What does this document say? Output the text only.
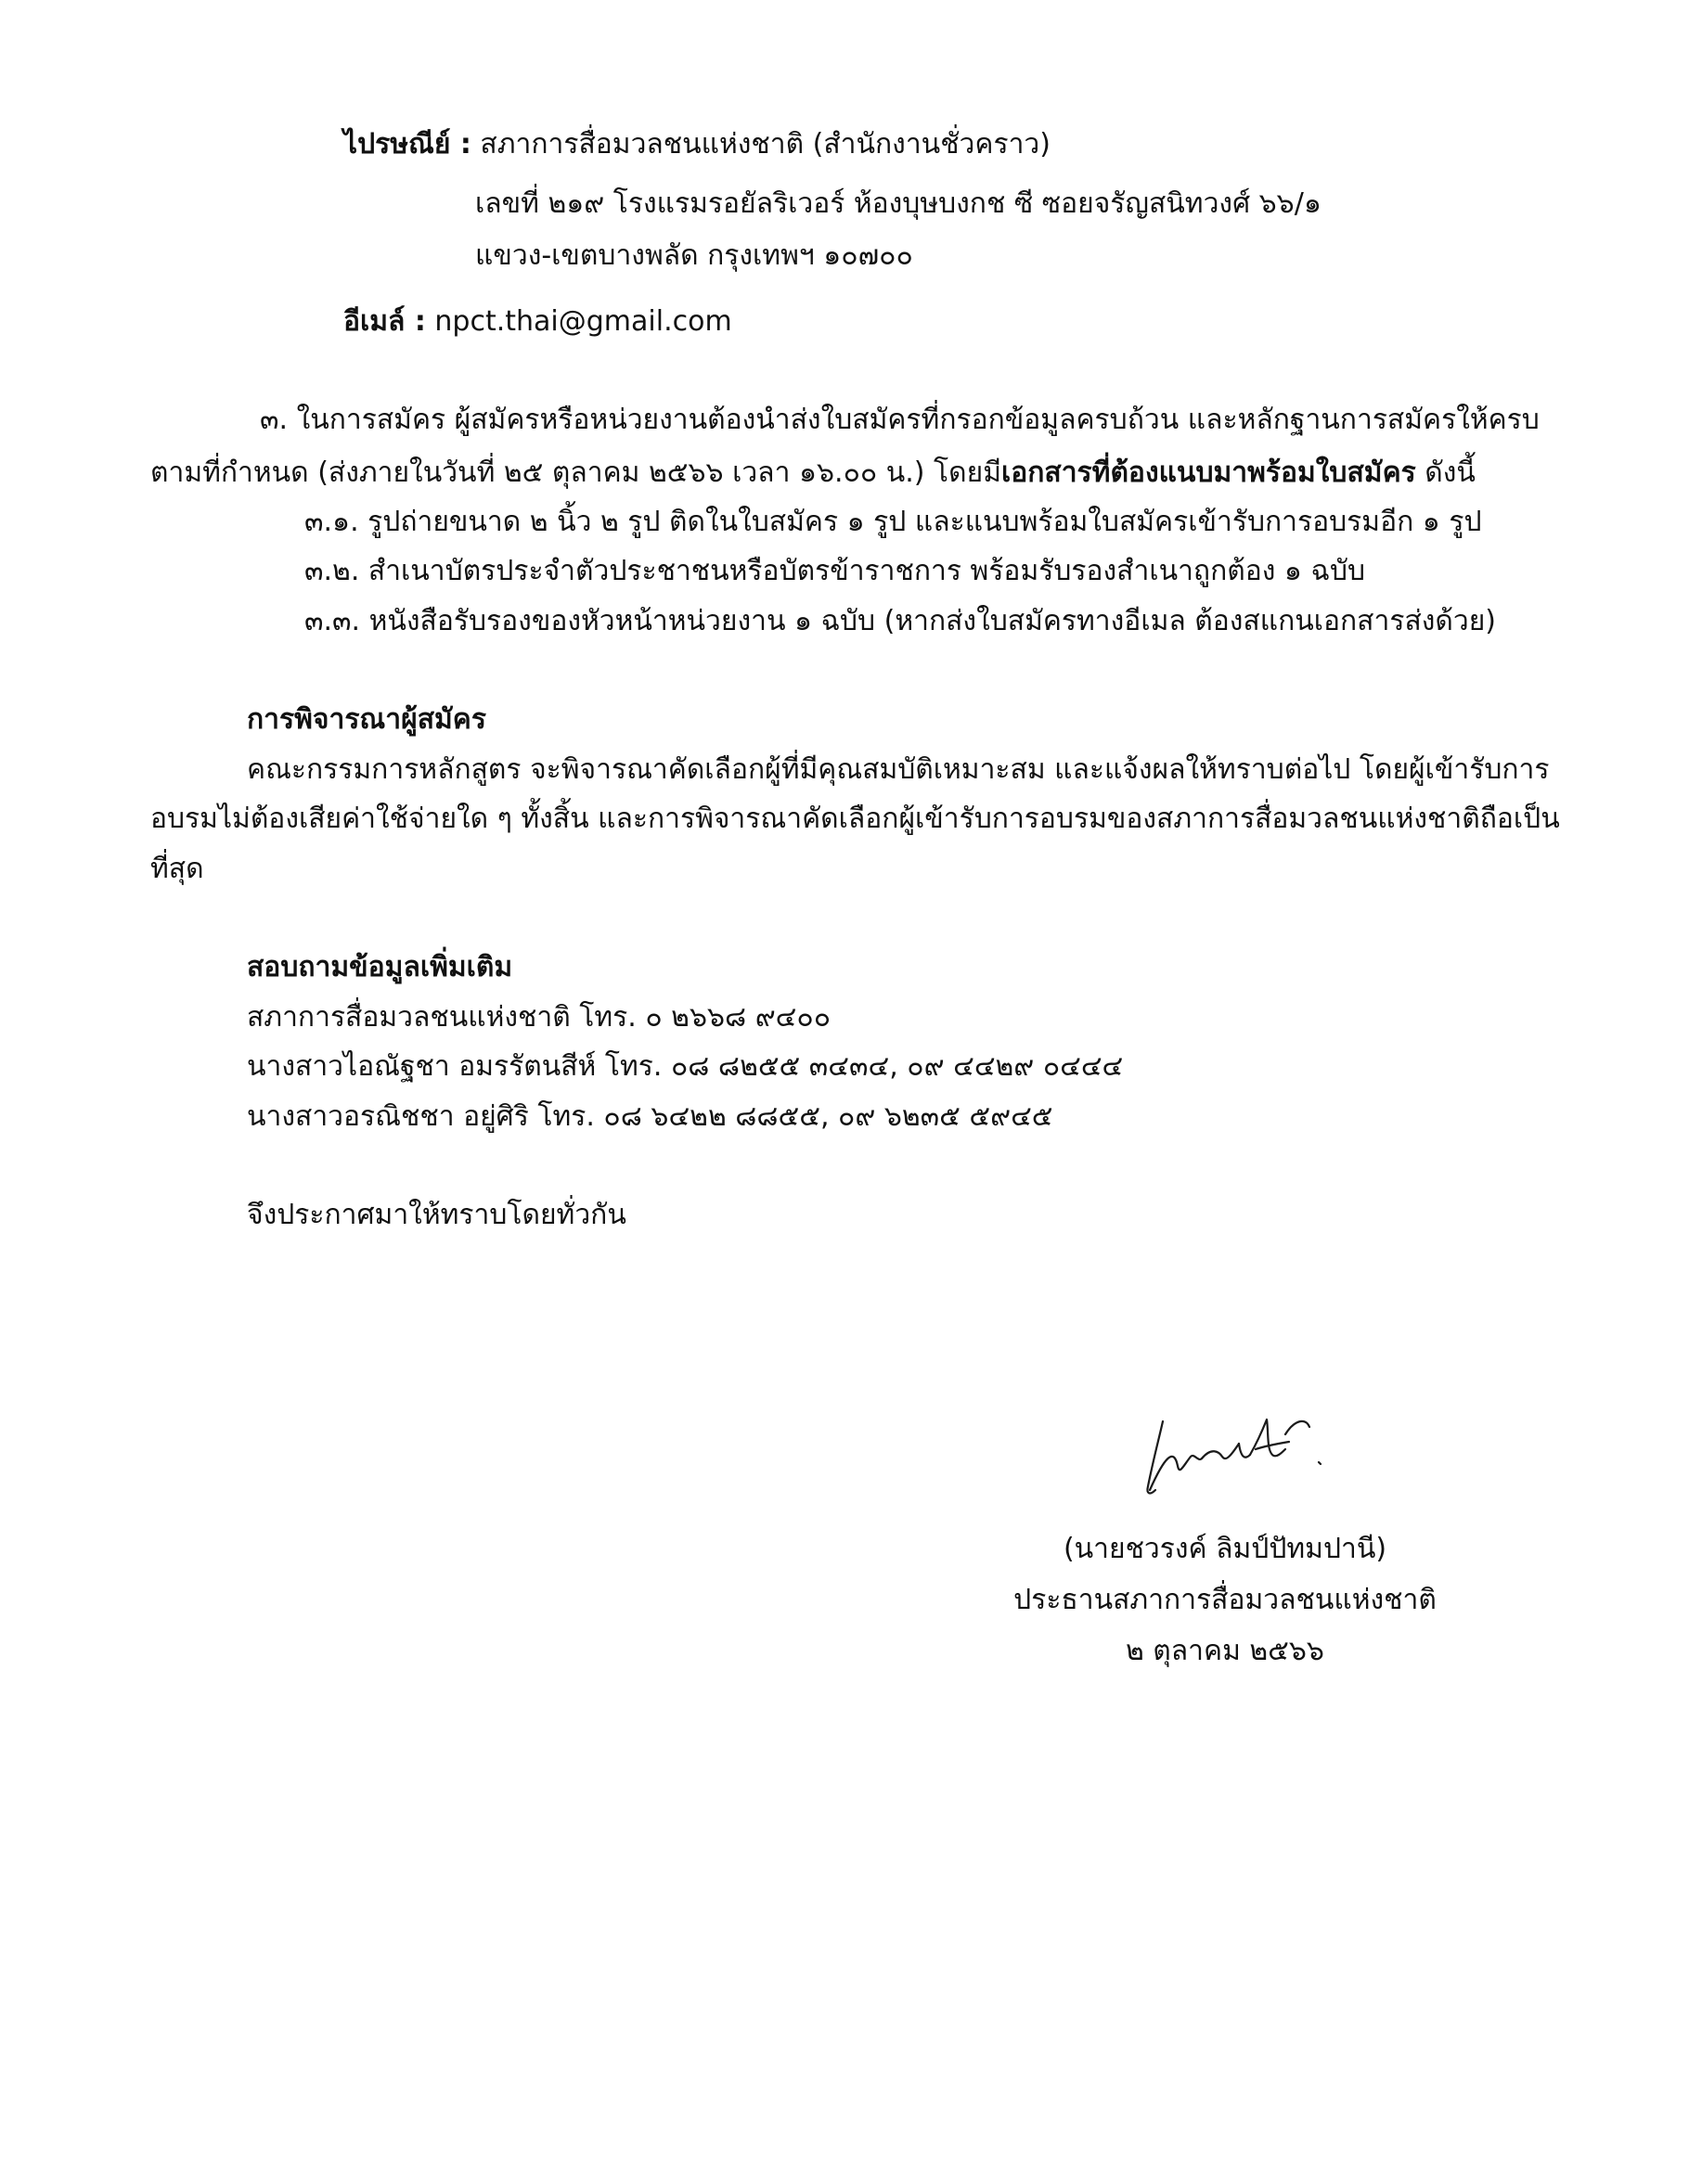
ไปรษณีย์ : สภาการสื่อมวลชนแห่งชาติ (สำนักงานชั่วคราว)
เลขที่ ๒๑๙ โรงแรมรอยัลริเวอร์ ห้องบุษบงกช ซี ซอยจรัญสนิทวงศ์ ๖๖/๑
แขวง-เขตบางพลัด กรุงเทพฯ ๑๐๗๐๐
อีเมล์ : npct.thai@gmail.com
๓. ในการสมัคร ผู้สมัครหรือหน่วยงานต้องนำส่งใบสมัครที่กรอกข้อมูลครบถ้วน และหลักฐานการสมัครให้ครบ
ตามที่กำหนด (ส่งภายในวันที่ ๒๕ ตุลาคม ๒๕๖๖ เวลา ๑๖.๐๐ น.) โดยมีเอกสารที่ต้องแนบมาพร้อมใบสมัคร ดังนี้
๓.๑. รูปถ่ายขนาด ๒ นิ้ว ๒ รูป ติดในใบสมัคร ๑ รูป และแนบพร้อมใบสมัครเข้ารับการอบรมอีก ๑ รูป
๓.๒. สำเนาบัตรประจำตัวประชาชนหรือบัตรข้าราชการ พร้อมรับรองสำเนาถูกต้อง ๑ ฉบับ
๓.๓. หนังสือรับรองของหัวหน้าหน่วยงาน ๑ ฉบับ (หากส่งใบสมัครทางอีเมล ต้องสแกนเอกสารส่งด้วย)
การพิจารณาผู้สมัคร
คณะกรรมการหลักสูตร จะพิจารณาคัดเลือกผู้ที่มีคุณสมบัติเหมาะสม และแจ้งผลให้ทราบต่อไป โดยผู้เข้ารับการ
อบรมไม่ต้องเสียค่าใช้จ่ายใด ๆ ทั้งสิ้น และการพิจารณาคัดเลือกผู้เข้ารับการอบรมของสภาการสื่อมวลชนแห่งชาติถือเป็น
ที่สุด
สอบถามข้อมูลเพิ่มเติม
สภาการสื่อมวลชนแห่งชาติ โทร. ๐ ๒๖๖๘ ๙๔๐๐
นางสาวไอณัฐชา อมรรัตนสีห์ โทร. ๐๘ ๘๒๕๕ ๓๔๓๔, ๐๙ ๔๔๒๙ ๐๔๔๔
นางสาวอรณิชชา อยู่ศิริ โทร. ๐๘ ๖๔๒๒ ๘๘๕๕, ๐๙ ๖๒๓๕ ๕๙๔๕
จึงประกาศมาให้ทราบโดยทั่วกัน
(นายชวรงค์ ลิมป์ปัทมปานี)
ประธานสภาการสื่อมวลชนแห่งชาติ
๒ ตุลาคม ๒๕๖๖
